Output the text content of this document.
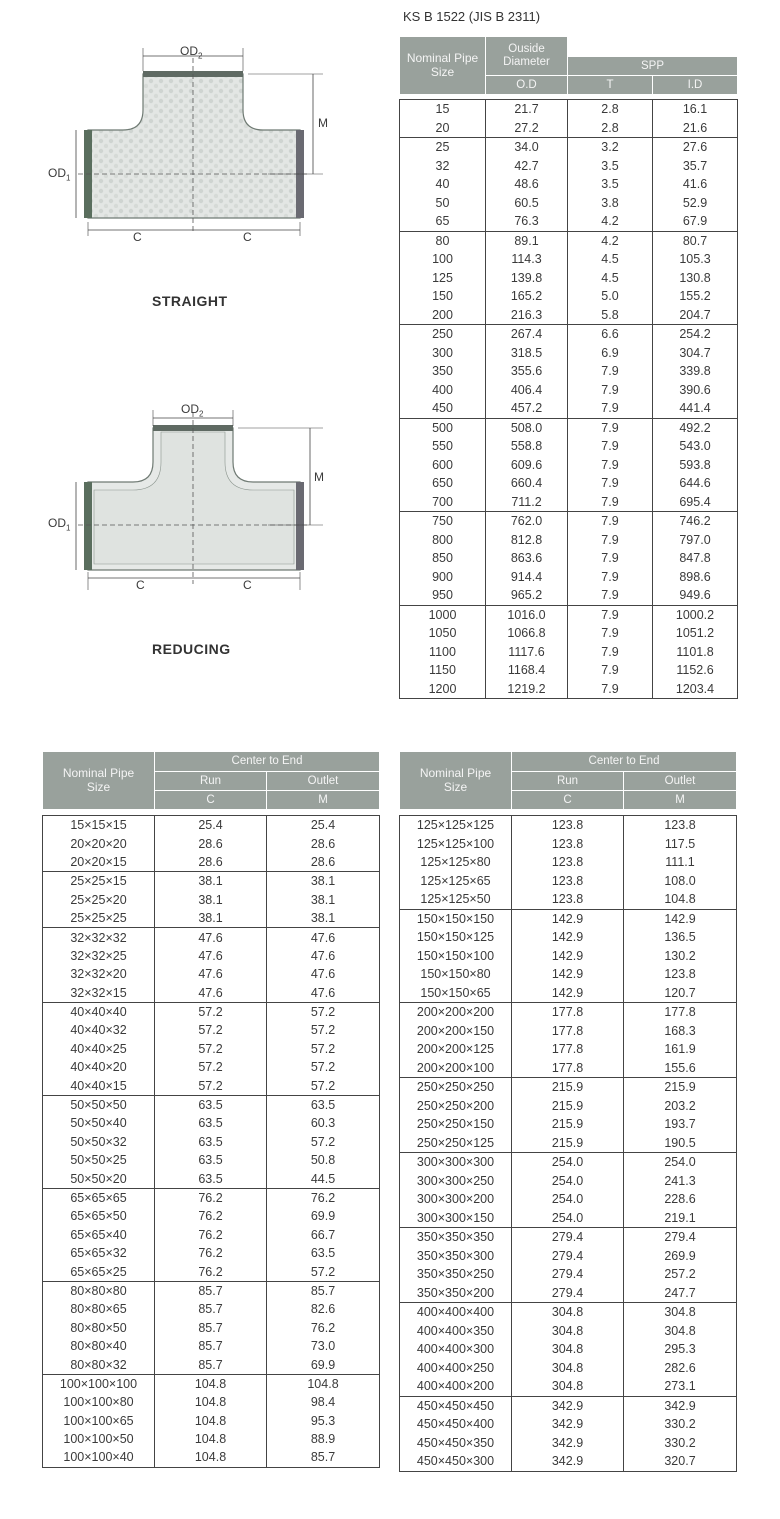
KS B 1522 (JIS B 2311)
$OD_2$
M
$OD_1$
C	C
STRAIGHT
$OD_2$
M
$OD_1$
C	C
REDUCING
Nominal Pipe Size	Ouside Diameter		
		SPP	
	O.D	T	I.D

15	21.7	2.8	16.1
20	27.2	2.8	21.6
25	34.0	3.2	27.6
32	42.7	3.5	35.7
40	48.6	3.5	41.6
50	60.5	3.8	52.9
65	76.3	4.2	67.9
80	89.1	4.2	80.7
100	114.3	4.5	105.3
125	139.8	4.5	130.8
150	165.2	5.0	155.2
200	216.3	5.8	204.7
250	267.4	6.6	254.2
300	318.5	6.9	304.7
350	355.6	7.9	339.8
400	406.4	7.9	390.6
450	457.2	7.9	441.4
500	508.0	7.9	492.2
550	558.8	7.9	543.0
600	609.6	7.9	593.8
650	660.4	7.9	644.6
700	711.2	7.9	695.4
750	762.0	7.9	746.2
800	812.8	7.9	797.0
850	863.6	7.9	847.8
900	914.4	7.9	898.6
950	965.2	7.9	949.6
1000	1016.0	7.9	1000.2
1050	1066.8	7.9	1051.2
1100	1117.6	7.9	1101.8
1150	1168.4	7.9	1152.6
1200	1219.2	7.9	1203.4
Nominal Pipe Size	Center to End	
	Run	Outlet
	C	M

15×15×15	25.4	25.4
20×20×20	28.6	28.6
20×20×15	28.6	28.6
25×25×15	38.1	38.1
25×25×20	38.1	38.1
25×25×25	38.1	38.1
32×32×32	47.6	47.6
32×32×25	47.6	47.6
32×32×20	47.6	47.6
32×32×15	47.6	47.6
40×40×40	57.2	57.2
40×40×32	57.2	57.2
40×40×25	57.2	57.2
40×40×20	57.2	57.2
40×40×15	57.2	57.2
50×50×50	63.5	63.5
50×50×40	63.5	60.3
50×50×32	63.5	57.2
50×50×25	63.5	50.8
50×50×20	63.5	44.5
65×65×65	76.2	76.2
65×65×50	76.2	69.9
65×65×40	76.2	66.7
65×65×32	76.2	63.5
65×65×25	76.2	57.2
80×80×80	85.7	85.7
80×80×65	85.7	82.6
80×80×50	85.7	76.2
80×80×40	85.7	73.0
80×80×32	85.7	69.9
100×100×100	104.8	104.8
100×100×80	104.8	98.4
100×100×65	104.8	95.3
100×100×50	104.8	88.9
100×100×40	104.8	85.7
Nominal Pipe Size	Center to End	
	Run	Outlet
	C	M

125×125×125	123.8	123.8
125×125×100	123.8	117.5
125×125×80	123.8	111.1
125×125×65	123.8	108.0
125×125×50	123.8	104.8
150×150×150	142.9	142.9
150×150×125	142.9	136.5
150×150×100	142.9	130.2
150×150×80	142.9	123.8
150×150×65	142.9	120.7
200×200×200	177.8	177.8
200×200×150	177.8	168.3
200×200×125	177.8	161.9
200×200×100	177.8	155.6
250×250×250	215.9	215.9
250×250×200	215.9	203.2
250×250×150	215.9	193.7
250×250×125	215.9	190.5
300×300×300	254.0	254.0
300×300×250	254.0	241.3
300×300×200	254.0	228.6
300×300×150	254.0	219.1
350×350×350	279.4	279.4
350×350×300	279.4	269.9
350×350×250	279.4	257.2
350×350×200	279.4	247.7
400×400×400	304.8	304.8
400×400×350	304.8	304.8
400×400×300	304.8	295.3
400×400×250	304.8	282.6
400×400×200	304.8	273.1
450×450×450	342.9	342.9
450×450×400	342.9	330.2
450×450×350	342.9	330.2
450×450×300	342.9	320.7
